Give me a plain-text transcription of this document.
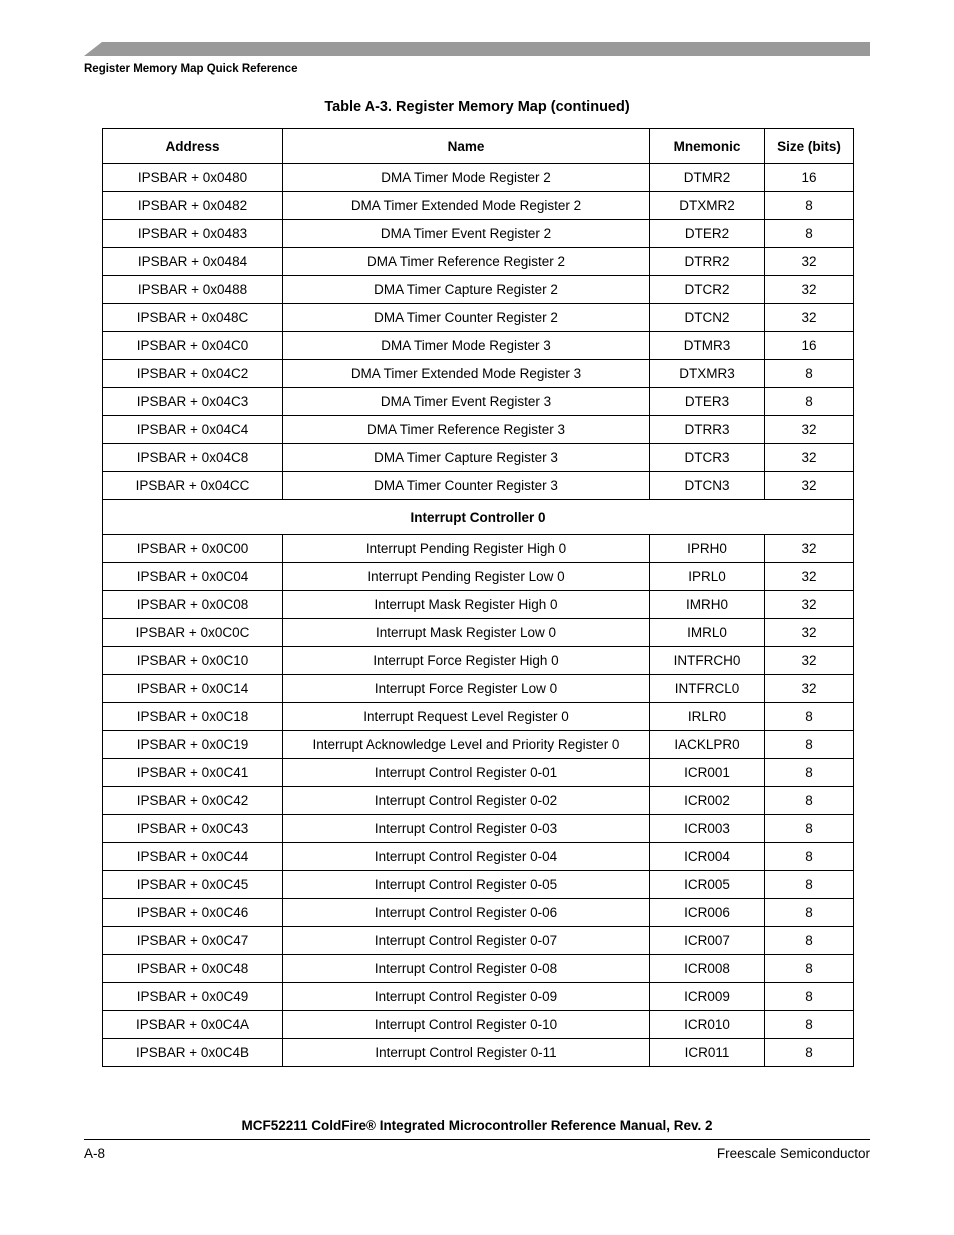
Register Memory Map Quick Reference
Table A-3. Register Memory Map (continued)
Address	Name	Mnemonic	Size (bits)
IPSBAR + 0x0480	DMA Timer Mode Register 2	DTMR2	16
IPSBAR + 0x0482	DMA Timer Extended Mode Register 2	DTXMR2	8
IPSBAR + 0x0483	DMA Timer Event Register 2	DTER2	8
IPSBAR + 0x0484	DMA Timer Reference Register 2	DTRR2	32
IPSBAR + 0x0488	DMA Timer Capture Register 2	DTCR2	32
IPSBAR + 0x048C	DMA Timer Counter Register 2	DTCN2	32
IPSBAR + 0x04C0	DMA Timer Mode Register 3	DTMR3	16
IPSBAR + 0x04C2	DMA Timer Extended Mode Register 3	DTXMR3	8
IPSBAR + 0x04C3	DMA Timer Event Register 3	DTER3	8
IPSBAR + 0x04C4	DMA Timer Reference Register 3	DTRR3	32
IPSBAR + 0x04C8	DMA Timer Capture Register 3	DTCR3	32
IPSBAR + 0x04CC	DMA Timer Counter Register 3	DTCN3	32
Interrupt Controller 0			
IPSBAR + 0x0C00	Interrupt Pending Register High 0	IPRH0	32
IPSBAR + 0x0C04	Interrupt Pending Register Low 0	IPRL0	32
IPSBAR + 0x0C08	Interrupt Mask Register High 0	IMRH0	32
IPSBAR + 0x0C0C	Interrupt Mask Register Low 0	IMRL0	32
IPSBAR + 0x0C10	Interrupt Force Register High 0	INTFRCH0	32
IPSBAR + 0x0C14	Interrupt Force Register Low 0	INTFRCL0	32
IPSBAR + 0x0C18	Interrupt Request Level Register 0	IRLR0	8
IPSBAR + 0x0C19	Interrupt Acknowledge Level and Priority Register 0	IACKLPR0	8
IPSBAR + 0x0C41	Interrupt Control Register 0-01	ICR001	8
IPSBAR + 0x0C42	Interrupt Control Register 0-02	ICR002	8
IPSBAR + 0x0C43	Interrupt Control Register 0-03	ICR003	8
IPSBAR + 0x0C44	Interrupt Control Register 0-04	ICR004	8
IPSBAR + 0x0C45	Interrupt Control Register 0-05	ICR005	8
IPSBAR + 0x0C46	Interrupt Control Register 0-06	ICR006	8
IPSBAR + 0x0C47	Interrupt Control Register 0-07	ICR007	8
IPSBAR + 0x0C48	Interrupt Control Register 0-08	ICR008	8
IPSBAR + 0x0C49	Interrupt Control Register 0-09	ICR009	8
IPSBAR + 0x0C4A	Interrupt Control Register 0-10	ICR010	8
IPSBAR + 0x0C4B	Interrupt Control Register 0-11	ICR011	8
MCF52211 ColdFire® Integrated Microcontroller Reference Manual, Rev. 2
A-8	Freescale Semiconductor
